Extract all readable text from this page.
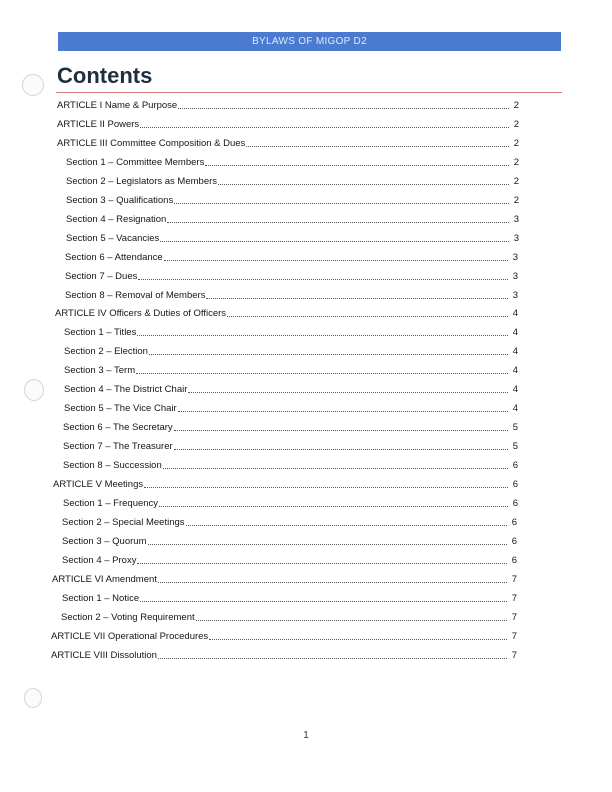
BYLAWS OF MIGOP D2
Contents
ARTICLE I Name & Purpose	2
ARTICLE II Powers	2
ARTICLE III Committee Composition & Dues	2
Section 1 – Committee Members	2
Section 2 – Legislators as Members	2
Section 3 – Qualifications	2
Section 4 – Resignation	3
Section 5 – Vacancies	3
Section 6 – Attendance	3
Section 7 – Dues	3
Section 8 – Removal of Members	3
ARTICLE IV Officers & Duties of Officers	4
Section 1 – Titles	4
Section 2 – Election	4
Section 3 – Term	4
Section 4 – The District Chair	4
Section 5 – The Vice Chair	4
Section 6 – The Secretary	5
Section 7 – The Treasurer	5
Section 8 – Succession	6
ARTICLE V Meetings	6
Section 1 – Frequency	6
Section 2 – Special Meetings	6
Section 3 – Quorum	6
Section 4 – Proxy	6
ARTICLE VI Amendment	7
Section 1 – Notice	7
Section 2 – Voting Requirement	7
ARTICLE VII Operational Procedures	7
ARTICLE VIII Dissolution	7
1
